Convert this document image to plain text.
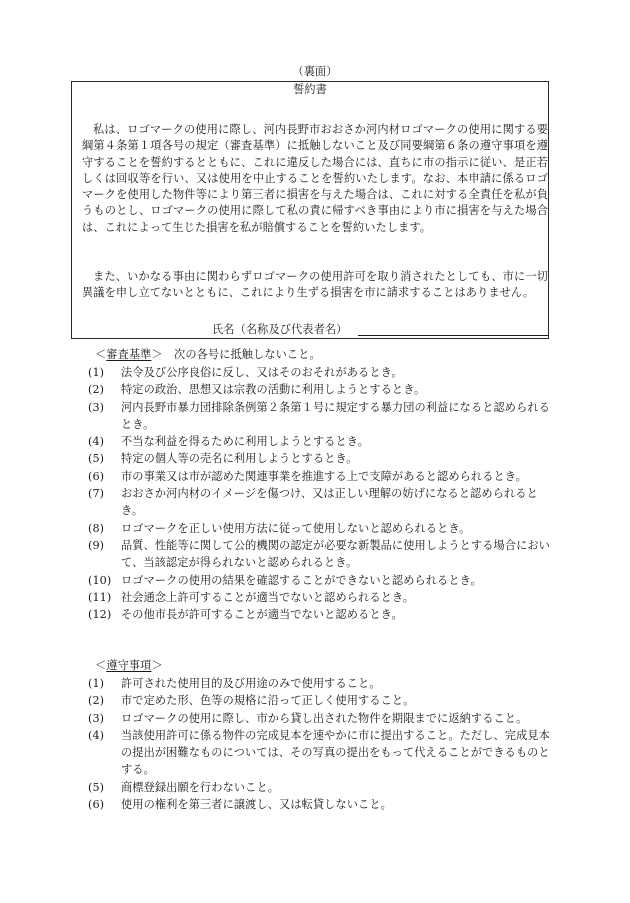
（裏面）
誓約書

私は、ロゴマークの使用に際し、河内長野市おおさか河内材ロゴマークの使用に関する要綱第４条第１項各号の規定（審査基準）に抵触しないこと及び同要綱第６条の遵守事項を遵守することを誓約するとともに、これに違反した場合には、直ちに市の指示に従い、是正若しくは回収等を行い、又は使用を中止することを誓約いたします。なお、本申請に係るロゴマークを使用した物件等により第三者に損害を与えた場合は、これに対する全責任を私が負うものとし、ロゴマークの使用に際して私の責に帰すべき事由により市に損害を与えた場合は、これによって生じた損害を私が賠償することを誓約いたします。

また、いかなる事由に関わらずロゴマークの使用許可を取り消されたとしても、市に一切異議を申し立てないとともに、これにより生ずる損害を市に請求することはありません。

氏名（名称及び代表者名）
＜審査基準＞　次の各号に抵触しないこと。
(1)	法令及び公序良俗に反し、又はそのおそれがあるとき。
(2)	特定の政治、思想又は宗教の活動に利用しようとするとき。
(3)	河内長野市暴力団排除条例第２条第１号に規定する暴力団の利益になると認められるとき。
(4)	不当な利益を得るために利用しようとするとき。
(5)	特定の個人等の売名に利用しようとするとき。
(6)	市の事業又は市が認めた関連事業を推進する上で支障があると認められるとき。
(7)	おおさか河内材のイメージを傷つけ、又は正しい理解の妨げになると認められるとき。
(8)	ロゴマークを正しい使用方法に従って使用しないと認められるとき。
(9)	品質、性能等に関して公的機関の認定が必要な新製品に使用しようとする場合において、当該認定が得られないと認められるとき。
(10) ロゴマークの使用の結果を確認することができないと認められるとき。
(11) 社会通念上許可することが適当でないと認められるとき。
(12) その他市長が許可することが適当でないと認めるとき。
＜遵守事項＞
(1)	許可された使用目的及び用途のみで使用すること。
(2)	市で定めた形、色等の規格に沿って正しく使用すること。
(3)	ロゴマークの使用に際し、市から貸し出された物件を期限までに返納すること。
(4)	当該使用許可に係る物件の完成見本を速やかに市に提出すること。ただし、完成見本の提出が困難なものについては、その写真の提出をもって代えることができるものとする。
(5)	商標登録出願を行わないこと。
(6)	使用の権利を第三者に譲渡し、又は転貸しないこと。
